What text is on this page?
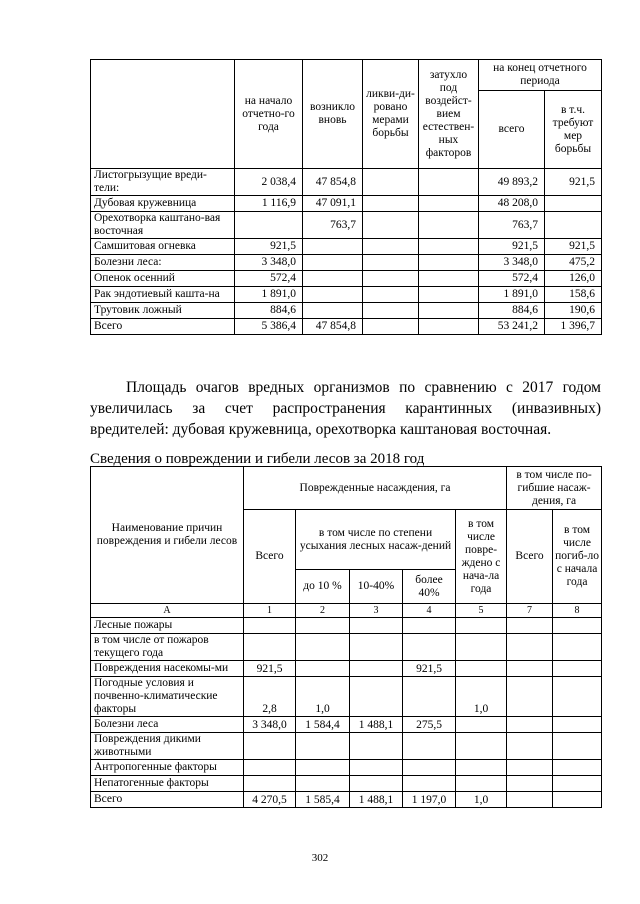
	на начало отчетно-го года	возникло вновь	ликви-ди-ровано мерами борьбы	затухло под воздейст-вием естествен-ных факторов	на конец отчетного периода	
					всего	в т.ч. требуют мер борьбы
Листогрызущие вреди-тели:	2 038,4	47 854,8			49 893,2	921,5
Дубовая кружевница	1 116,9	47 091,1			48 208,0	
Орехотворка каштано-вая восточная		763,7			763,7	
Самшитовая огневка	921,5				921,5	921,5
Болезни леса:	3 348,0				3 348,0	475,2
Опенок осенний	572,4				572,4	126,0
Рак эндотиевый кашта-на	1 891,0				1 891,0	158,6
Трутовик ложный	884,6				884,6	190,6
Всего	5 386,4	47 854,8			53 241,2	1 396,7

Площадь очагов вредных организмов по сравнению с 2017 годом увеличилась за счет распространения карантинных (инвазивных) вредителей: дубовая кружевница, орехотворка каштановая восточная.

Сведения о повреждении и гибели лесов за 2018 год

Наименование причин повреждения и гибели лесов	Поврежденные насаждения, га					в том числе по-гибшие насаж-дения, га	
	Всего	в том числе по степени усыхания лесных насаж-дений			в том числе повре-ждено с нача-ла года	Всего	в том числе погиб-ло с начала года
		до 10 %	10-40%	более 40%			
А	1	2	3	4	5	7	8
Лесные пожары							
в том числе от пожаров текущего года							
Повреждения насекомы-ми	921,5			921,5			
Погодные условия и почвенно-климатические факторы	2,8	1,0			1,0		
Болезни леса	3 348,0	1 584,4	1 488,1	275,5			
Повреждения дикими животными							
Антропогенные факторы							
Непатогенные факторы							
Всего	4 270,5	1 585,4	1 488,1	1 197,0	1,0		
302
